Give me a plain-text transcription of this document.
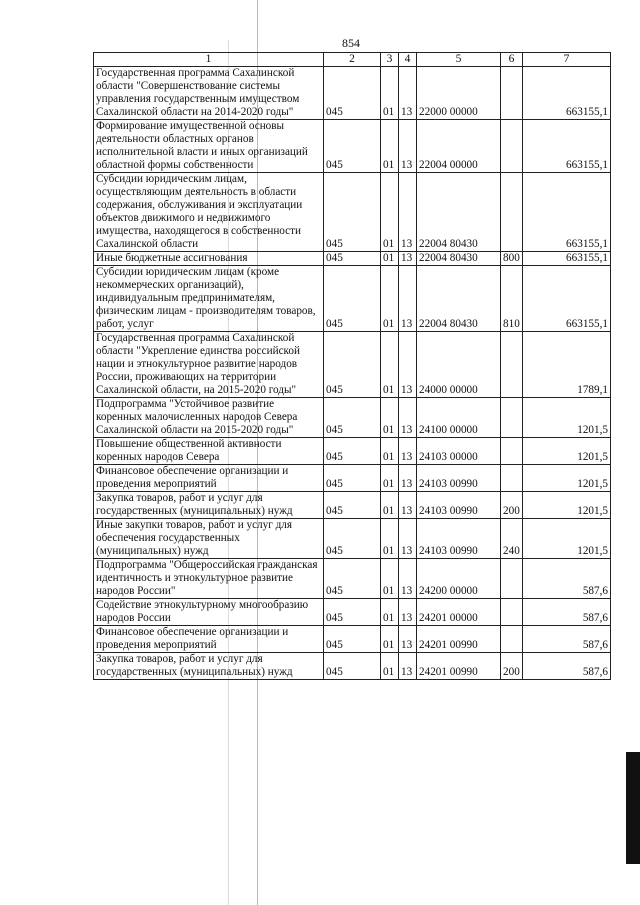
854
1	2	3	4	5	6	7
Государственная программа Сахалинской области "Совершенствование системы управления государственным имуществом Сахалинской области на 2014-2020 годы"	045	01	13	22000 00000		663155,1
Формирование имущественной основы деятельности областных органов исполнительной власти и иных организаций областной формы собственности	045	01	13	22004 00000		663155,1
Субсидии юридическим лицам, осуществляющим деятельность в области содержания, обслуживания и эксплуатации объектов движимого и недвижимого имущества, находящегося в собственности Сахалинской области	045	01	13	22004 80430		663155,1
Иные бюджетные ассигнования	045	01	13	22004 80430	800	663155,1
Субсидии юридическим лицам (кроме некоммерческих организаций), индивидуальным предпринимателям, физическим лицам - производителям товаров, работ, услуг	045	01	13	22004 80430	810	663155,1
Государственная программа Сахалинской области "Укрепление единства российской нации и этнокультурное развитие народов России, проживающих на территории Сахалинской области, на 2015-2020 годы"	045	01	13	24000 00000		1789,1
Подпрограмма "Устойчивое развитие коренных малочисленных народов Севера Сахалинской области на 2015-2020 годы"	045	01	13	24100 00000		1201,5
Повышение общественной активности коренных народов Севера	045	01	13	24103 00000		1201,5
Финансовое обеспечение организации и проведения мероприятий	045	01	13	24103 00990		1201,5
Закупка товаров, работ и услуг для государственных (муниципальных) нужд	045	01	13	24103 00990	200	1201,5
Иные закупки товаров, работ и услуг для обеспечения государственных (муниципальных) нужд	045	01	13	24103 00990	240	1201,5
Подпрограмма "Общероссийская гражданская идентичность и этнокультурное развитие народов России"	045	01	13	24200 00000		587,6
Содействие этнокультурному многообразию народов России	045	01	13	24201 00000		587,6
Финансовое обеспечение организации и проведения мероприятий	045	01	13	24201 00990		587,6
Закупка товаров, работ и услуг для государственных (муниципальных) нужд	045	01	13	24201 00990	200	587,6
